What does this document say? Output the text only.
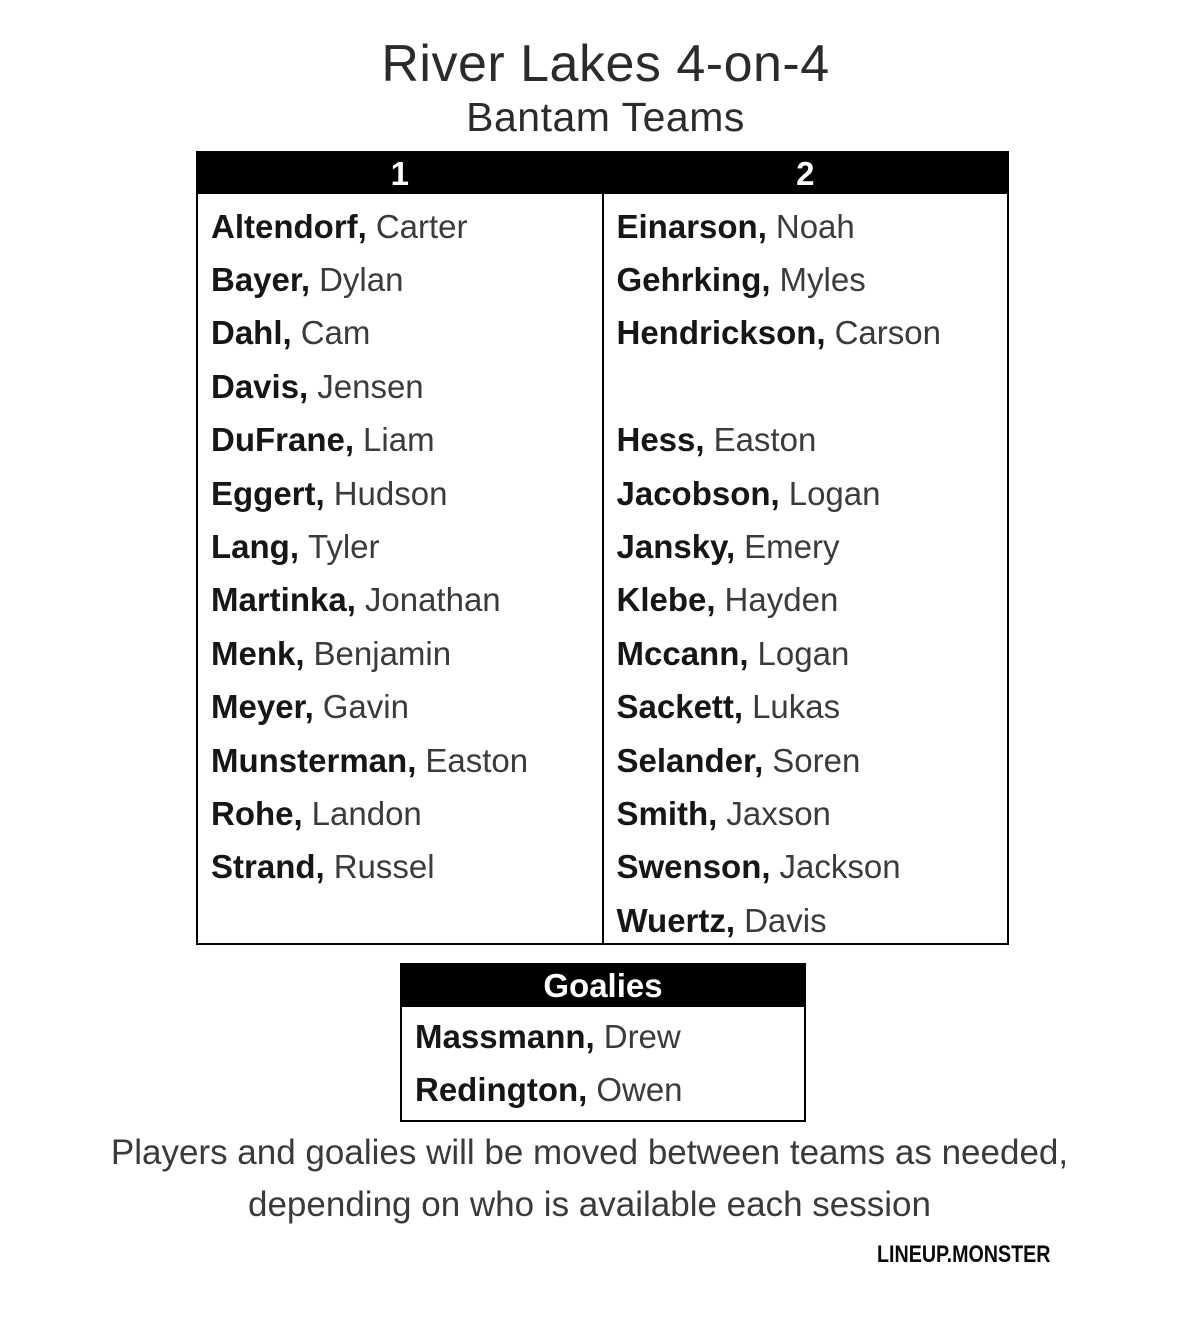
River Lakes 4-on-4
Bantam Teams
1
Altendorf, Carter
Bayer, Dylan
Dahl, Cam
Davis, Jensen
DuFrane, Liam
Eggert, Hudson
Lang, Tyler
Martinka, Jonathan
Menk, Benjamin
Meyer, Gavin
Munsterman, Easton
Rohe, Landon
Strand, Russel
2
Einarson, Noah
Gehrking, Myles
Hendrickson, Carson
Hess, Easton
Jacobson, Logan
Jansky, Emery
Klebe, Hayden
Mccann, Logan
Sackett, Lukas
Selander, Soren
Smith, Jaxson
Swenson, Jackson
Wuertz, Davis
Goalies
Massmann, Drew
Redington, Owen
Players and goalies will be moved between teams as needed,
depending on who is available each session
LINEUP.MONSTER
